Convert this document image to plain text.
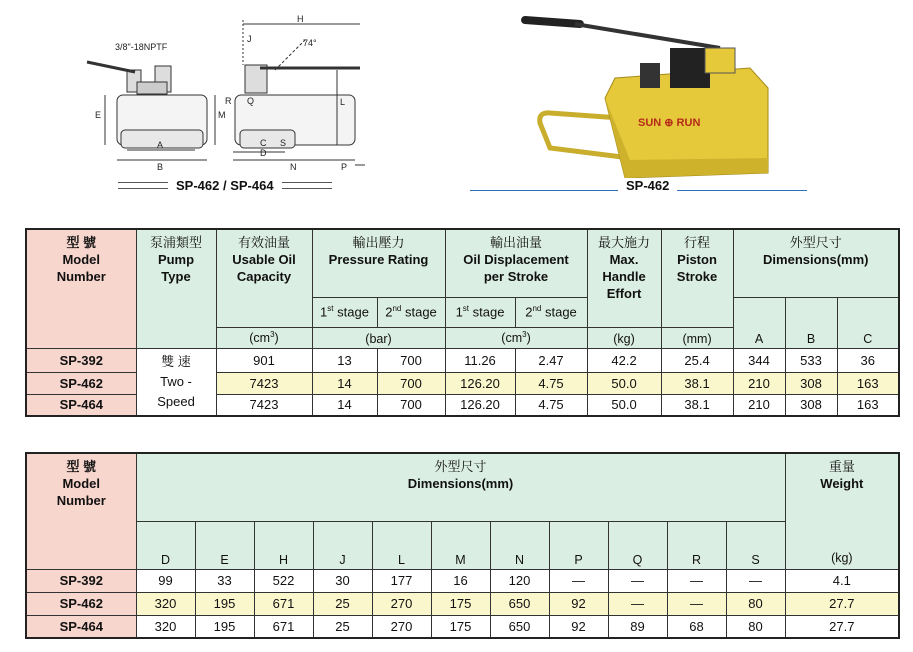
3/8"-18NPTF
H
J	74°
E	M
A
B
R Q	L
C S
D
N	P
SP-462 / SP-464
SUN ⊕ RUN
SP-462
型 號
Model
Number	泵浦類型
Pump
Type	有效油量
Usable Oil
Capacity	輸出壓力
Pressure Rating		輸出油量
Oil Displacement
per Stroke		最大施力
Max.
Handle
Effort	行程
Piston
Stroke	外型尺寸
Dimensions(mm)		

			1st stage	2nd stage	1st stage	2nd stage			A	B	C
		$(cm^3)$	(bar)		$(cm^3)$		(kg)	(mm)			
SP-392	雙 速
Two -
Speed	901	13	700	11.26	2.47	42.2	25.4	344	533	36
SP-462		7423	14	700	126.20	4.75	50.0	38.1	210	308	163
SP-464		7423	14	700	126.20	4.75	50.0	38.1	210	308	163
型 號
Model
Number	外型尺寸
Dimensions(mm)											重量
Weight
(kg)

	D	E	H	J	L	M	N	P	Q	R	S	
SP-392	99	33	522	30	177	16	120	—	—	—	—	4.1
SP-462	320	195	671	25	270	175	650	92	—	—	80	27.7
SP-464	320	195	671	25	270	175	650	92	89	68	80	27.7
